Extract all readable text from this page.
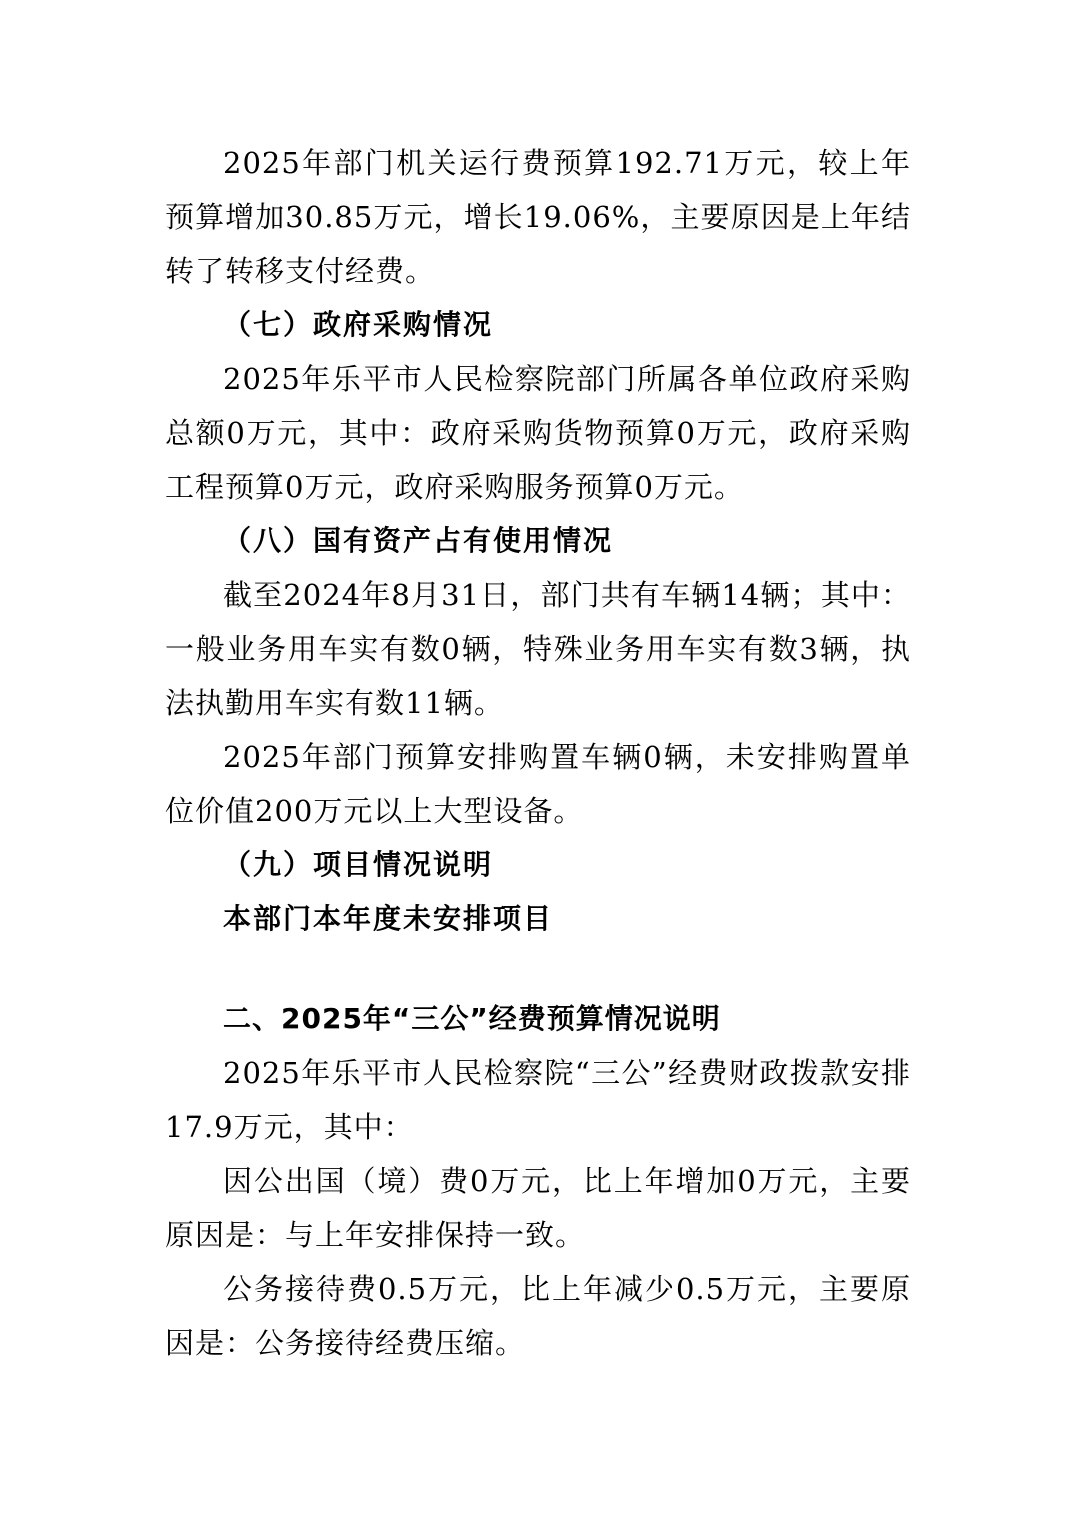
2025年部门机关运行费预算192.71万元，较上年预算增加30.85万元，增长19.06%，主要原因是上年结转了转移支付经费。

（七）政府采购情况

2025年乐平市人民检察院部门所属各单位政府采购总额0万元，其中：政府采购货物预算0万元，政府采购工程预算0万元，政府采购服务预算0万元。

（八）国有资产占有使用情况

截至2024年8月31日，部门共有车辆14辆；其中：一般业务用车实有数0辆，特殊业务用车实有数3辆，执法执勤用车实有数11辆。

2025年部门预算安排购置车辆0辆，未安排购置单位价值200万元以上大型设备。

（九）项目情况说明

本部门本年度未安排项目

二、2025年“三公”经费预算情况说明

2025年乐平市人民检察院“三公”经费财政拨款安排17.9万元，其中：

因公出国（境）费0万元，比上年增加0万元，主要原因是：与上年安排保持一致。

公务接待费0.5万元，比上年减少0.5万元，主要原因是：公务接待经费压缩。
